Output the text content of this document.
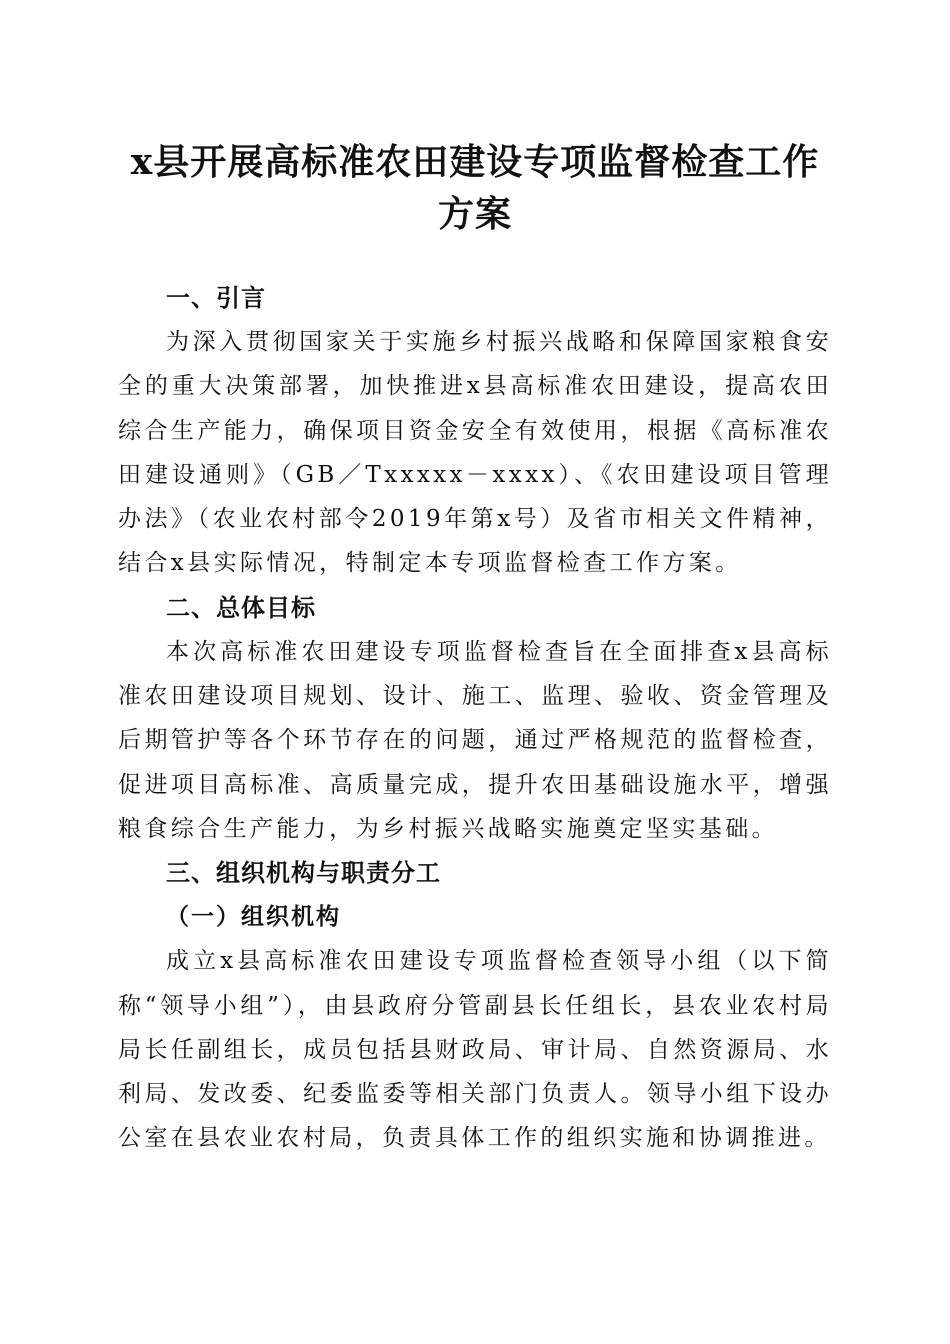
x县开展高标准农田建设专项监督检查工作方案
一、引言

为深入贯彻国家关于实施乡村振兴战略和保障国家粮食安全的重大决策部署，加快推进x县高标准农田建设，提高农田综合生产能力，确保项目资金安全有效使用，根据《高标准农田建设通则》（GB／Txxxxx－xxxx）、《农田建设项目管理办法》（农业农村部令2019年第x号）及省市相关文件精神，结合x县实际情况，特制定本专项监督检查工作方案。

二、总体目标

本次高标准农田建设专项监督检查旨在全面排查x县高标准农田建设项目规划、设计、施工、监理、验收、资金管理及后期管护等各个环节存在的问题，通过严格规范的监督检查，促进项目高标准、高质量完成，提升农田基础设施水平，增强粮食综合生产能力，为乡村振兴战略实施奠定坚实基础。

三、组织机构与职责分工
（一）组织机构

成立x县高标准农田建设专项监督检查领导小组（以下简称“领导小组”），由县政府分管副县长任组长，县农业农村局局长任副组长，成员包括县财政局、审计局、自然资源局、水利局、发改委、纪委监委等相关部门负责人。领导小组下设办公室在县农业农村局，负责具体工作的组织实施和协调推进。
